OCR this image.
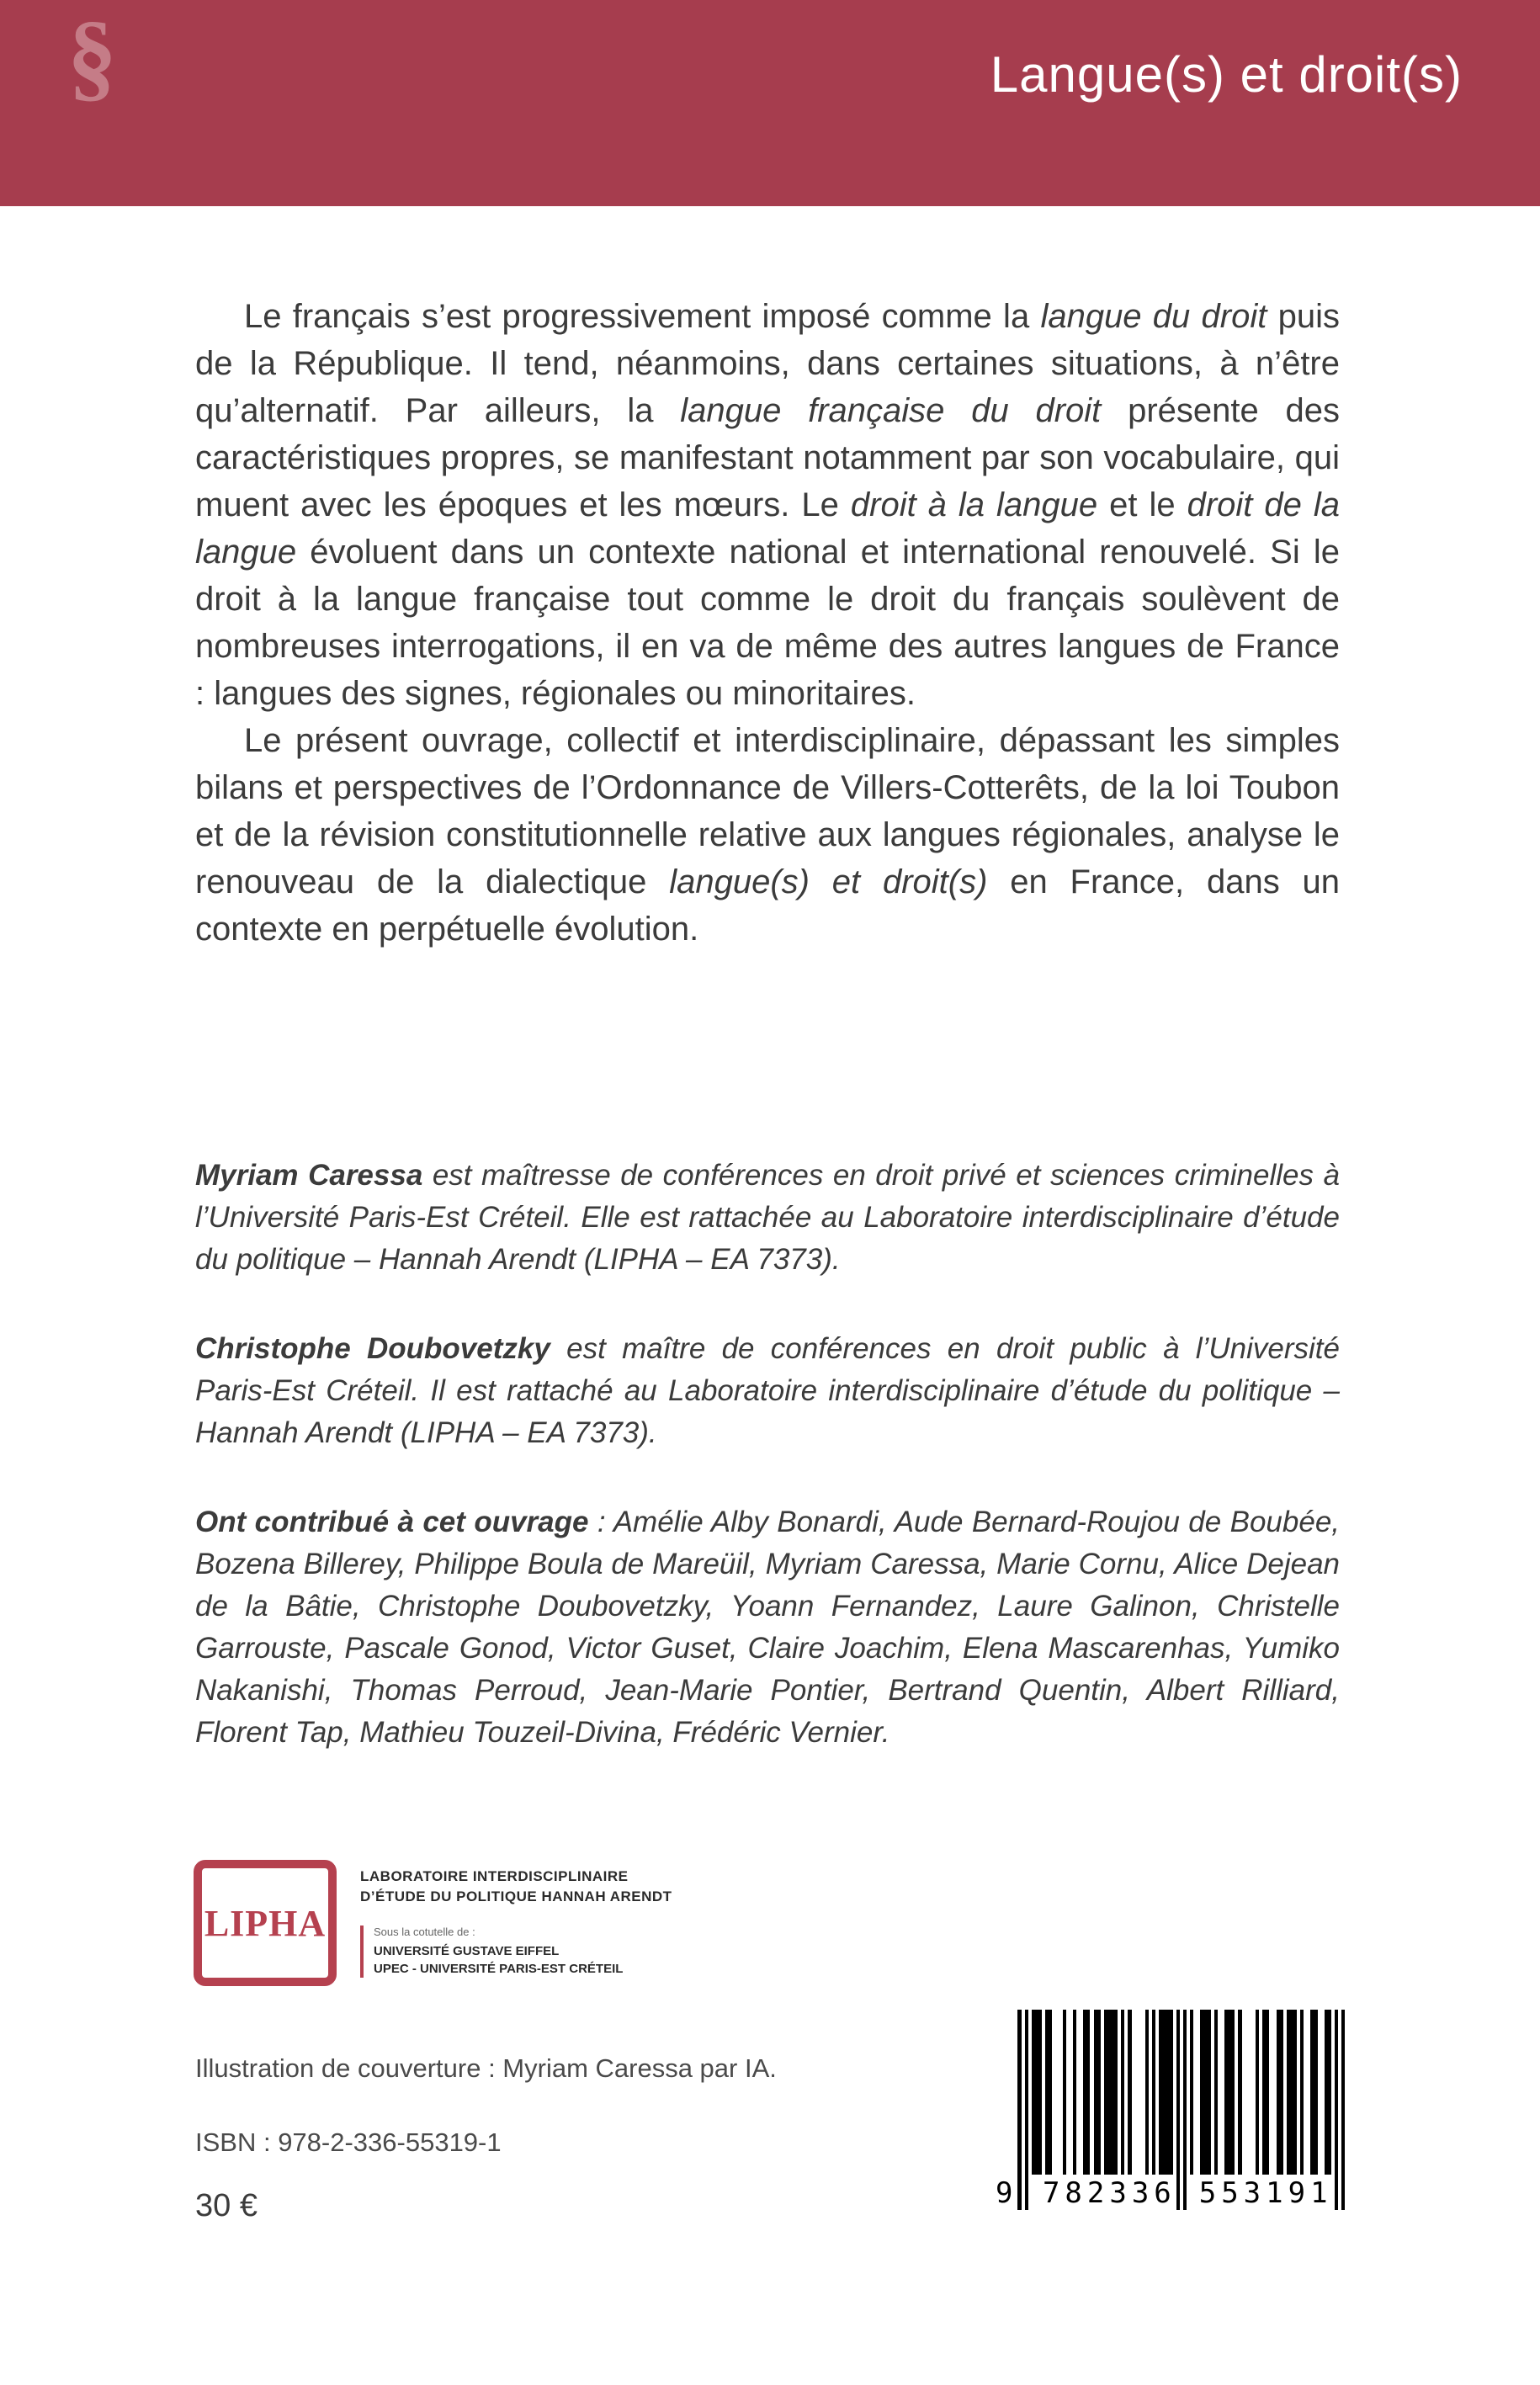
§	Langue(s) et droit(s)

Le français s’est progressivement imposé comme la langue du droit puis de la République. Il tend, néanmoins, dans certaines situations, à n’être qu’alternatif. Par ailleurs, la langue française du droit présente des caractéristiques propres, se manifestant notamment par son vocabulaire, qui muent avec les époques et les mœurs. Le droit à la langue et le droit de la langue évoluent dans un contexte national et international renouvelé. Si le droit à la langue française tout comme le droit du français soulèvent de nombreuses interrogations, il en va de même des autres langues de France : langues des signes, régionales ou minoritaires.

Le présent ouvrage, collectif et interdisciplinaire, dépassant les simples bilans et perspectives de l’Ordonnance de Villers-Cotterêts, de la loi Toubon et de la révision constitutionnelle relative aux langues régionales, analyse le renouveau de la dialectique langue(s) et droit(s) en France, dans un contexte en perpétuelle évolution.

Myriam Caressa est maîtresse de conférences en droit privé et sciences criminelles à l’Université Paris-Est Créteil. Elle est rattachée au Laboratoire interdisciplinaire d’étude du politique – Hannah Arendt (LIPHA – EA 7373).

Christophe Doubovetzky est maître de conférences en droit public à l’Université Paris-Est Créteil. Il est rattaché au Laboratoire interdisciplinaire d’étude du politique – Hannah Arendt (LIPHA – EA 7373).

Ont contribué à cet ouvrage : Amélie Alby Bonardi, Aude Bernard-Roujou de Boubée, Bozena Billerey, Philippe Boula de Mareüil, Myriam Caressa, Marie Cornu, Alice Dejean de la Bâtie, Christophe Doubovetzky, Yoann Fernandez, Laure Galinon, Christelle Garrouste, Pascale Gonod, Victor Guset, Claire Joachim, Elena Mascarenhas, Yumiko Nakanishi, Thomas Perroud, Jean-Marie Pontier, Bertrand Quentin, Albert Rilliard, Florent Tap, Mathieu Touzeil-Divina, Frédéric Vernier.

LIPHA
LABORATOIRE INTERDISCIPLINAIRE
D’ÉTUDE DU POLITIQUE HANNAH ARENDT
Sous la cotutelle de :
UNIVERSITÉ GUSTAVE EIFFEL
UPEC - UNIVERSITÉ PARIS-EST CRÉTEIL

Illustration de couverture : Myriam Caressa par IA.

ISBN : 978-2-336-55319-1

30 €	9	782336 553191
